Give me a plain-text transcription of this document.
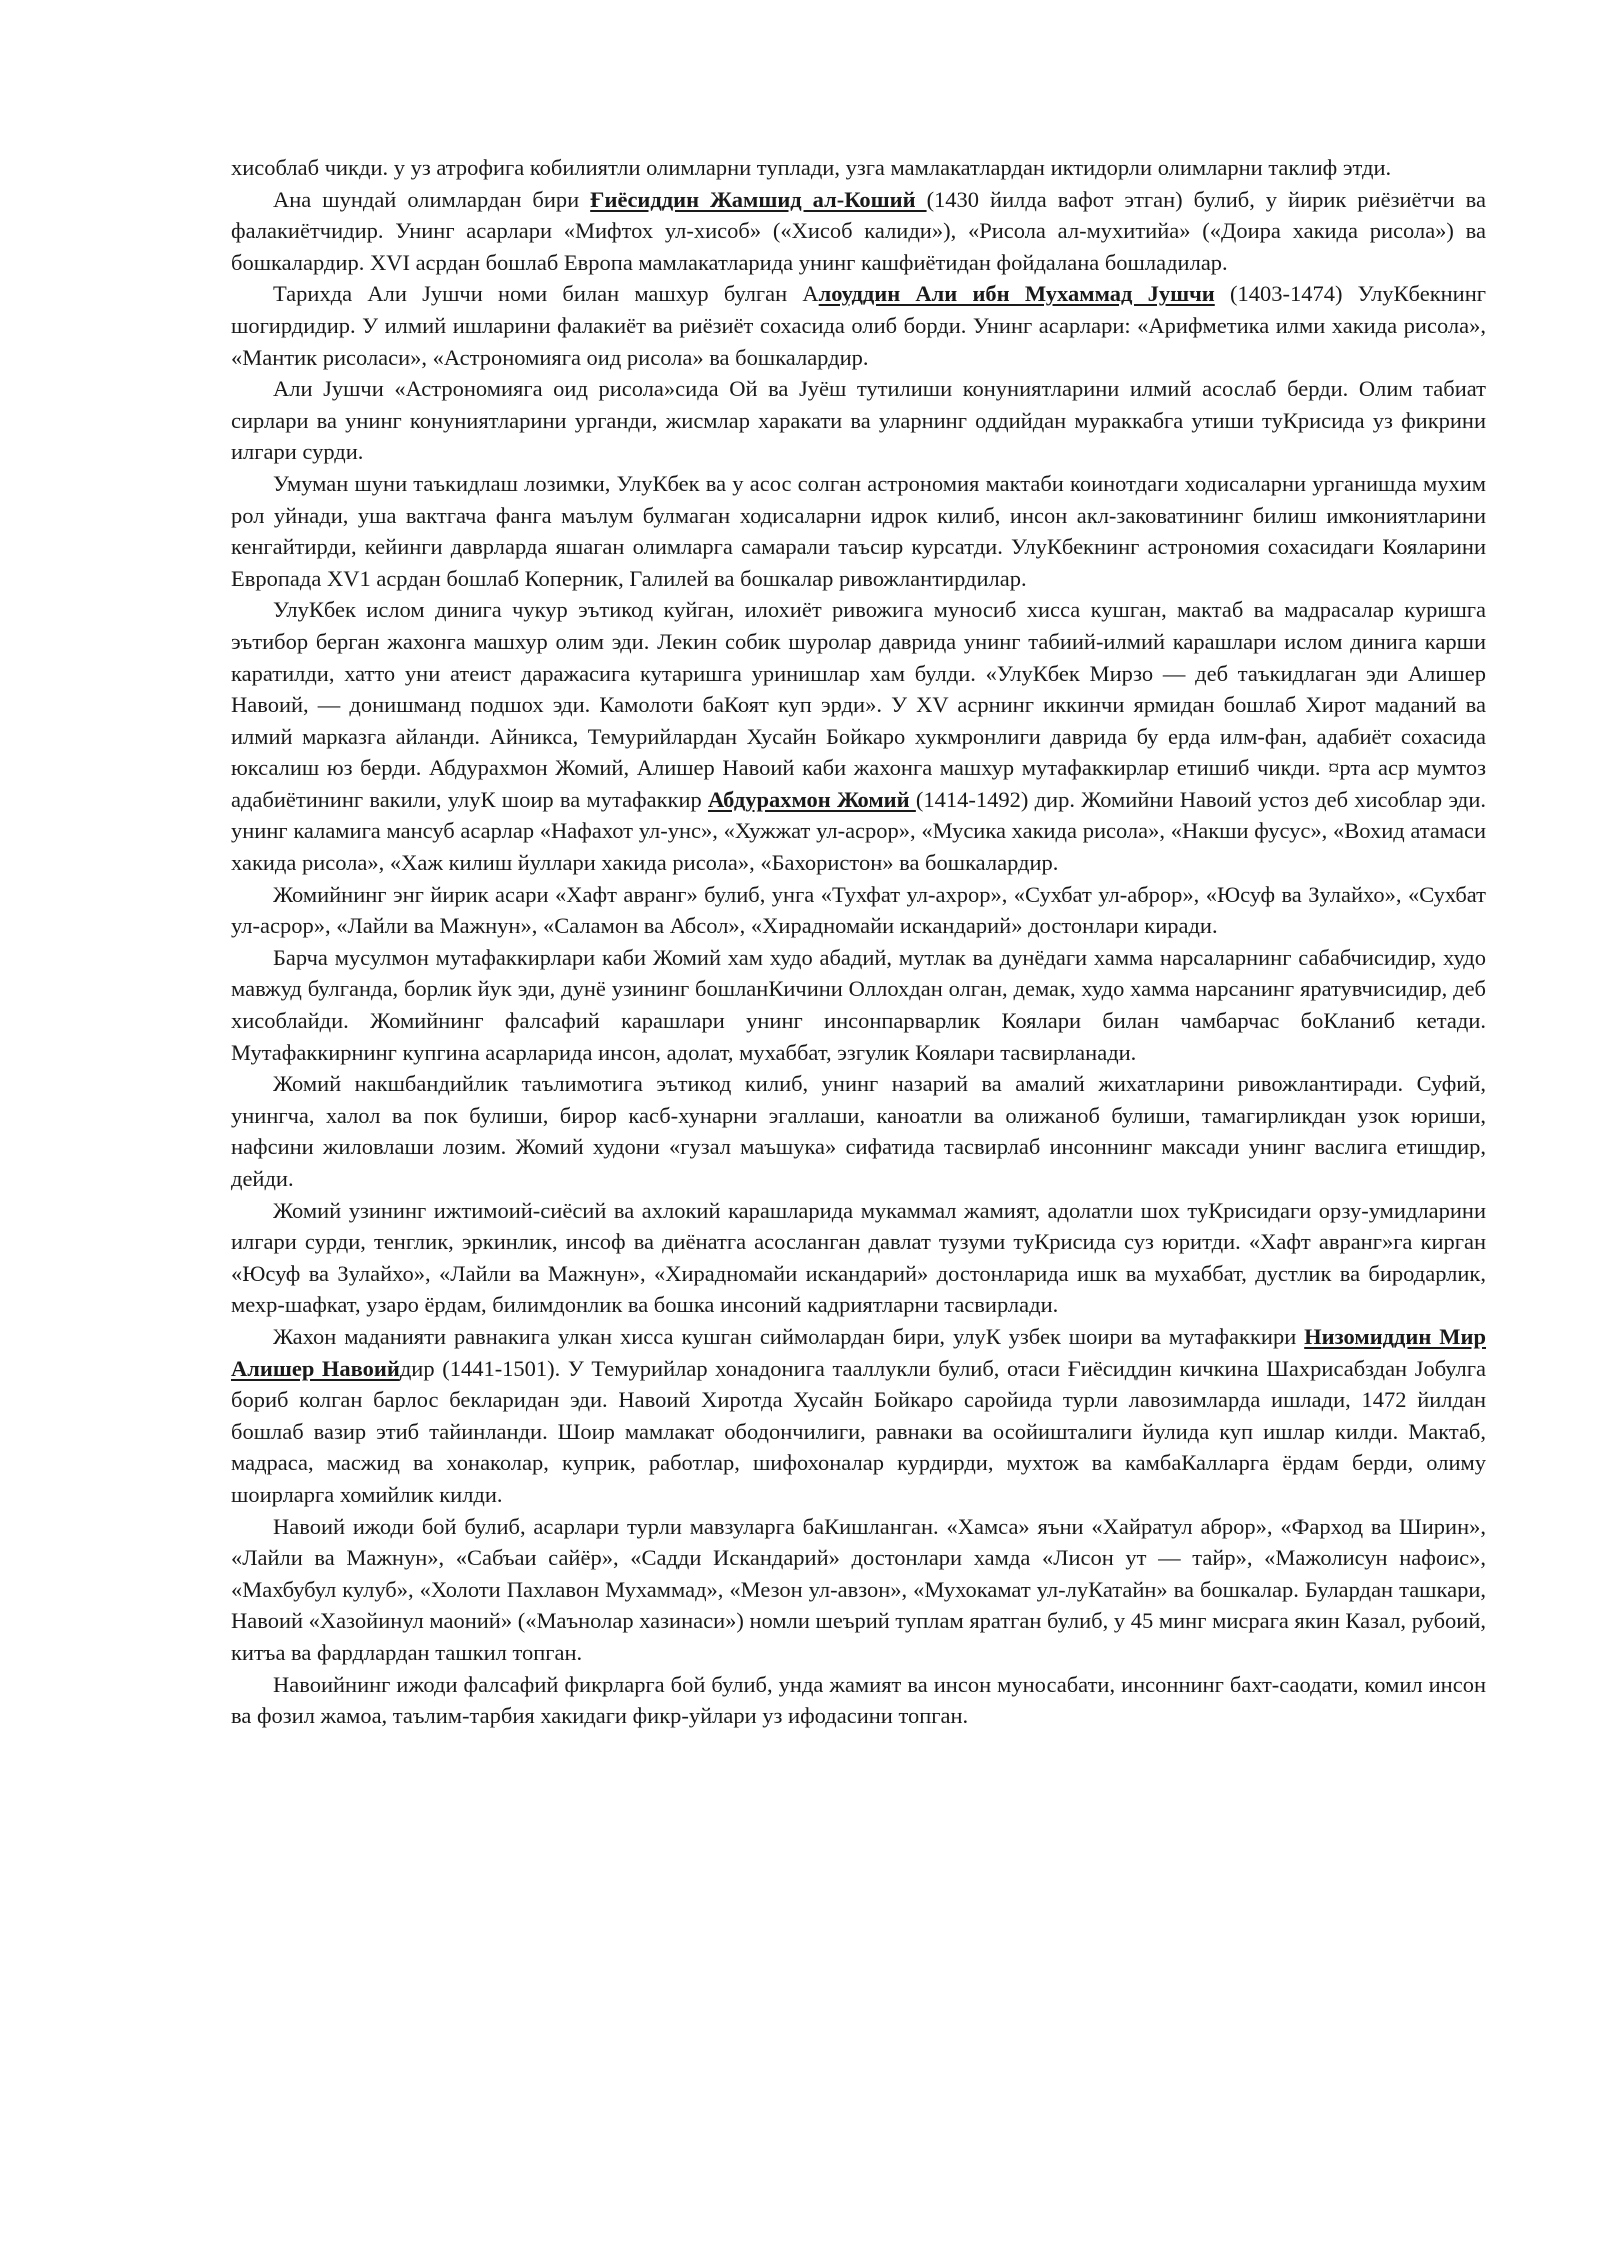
хисоблаб чикди. у уз атрофига кобилиятли олимларни туплади, узга мамлакатлардан иктидорли олимларни таклиф этди.

Ана шундай олимлардан бири Ғиёсиддин Жамшид ал-Коший (1430 йилда вафот этган) булиб, у йирик риёзиётчи ва фалакиётчидир. Унинг асарлари «Мифтох ул-хисоб» («Хисоб калиди»), «Рисола ал-мухитийа» («Доира хакида рисола») ва бошкалардир. XVI асрдан бошлаб Европа мамлакатларида унинг кашфиётидан фойдалана бошладилар.

Тарихда Али Јушчи номи билан машхур булган Алоуддин Али ибн Мухаммад Јушчи (1403-1474) УлуКбекнинг шогирдидир. У илмий ишларини фалакиёт ва риёзиёт сохасида олиб борди. Унинг асарлари: «Арифметика илми хакида рисола», «Мантик рисоласи», «Астрономияга оид рисола» ва бошкалардир.

Али Јушчи «Астрономияга оид рисола»сида Ой ва Јуёш тутилиши конуниятларини илмий асослаб берди. Олим табиат сирлари ва унинг конуниятларини урганди, жисмлар харакати ва уларнинг оддийдан мураккабга утиши туКрисида уз фикрини илгари сурди.

Умуман шуни таъкидлаш лозимки, УлуКбек ва у асос солган астрономия мактаби коинотдаги ходисаларни урганишда мухим рол уйнади, уша вактгача фанга маълум булмаган ходисаларни идрок килиб, инсон акл-заковатининг билиш имкониятларини кенгайтирди, кейинги даврларда яшаган олимларга самарали таъсир курсатди. УлуКбекнинг астрономия сохасидаги Кояларини Европада XV1 асрдан бошлаб Коперник, Галилей ва бошкалар ривожлантирдилар.

УлуКбек ислом динига чукур эътикод куйган, илохиёт ривожига муносиб хисса кушган, мактаб ва мадрасалар куришга эътибор берган жахонга машхур олим эди. Лекин собик шуролар даврида унинг табиий-илмий карашлари ислом динига карши каратилди, хатто уни атеист даражасига кутаришга уринишлар хам булди. «УлуКбек Мирзо — деб таъкидлаган эди Алишер Навоий, — донишманд подшох эди. Камолоти баКоят куп эрди». У XV асрнинг иккинчи ярмидан бошлаб Хирот маданий ва илмий марказга айланди. Айникса, Темурийлардан Хусайн Бойкаро хукмронлиги даврида бу ерда илм-фан, адабиёт сохасида юксалиш юз берди. Абдурахмон Жомий, Алишер Навоий каби жахонга машхур мутафаккирлар етишиб чикди. ¤рта аср мумтоз адабиётининг вакили, улуК шоир ва мутафаккир Абдурахмон Жомий (1414-1492) дир. Жомийни Навоий устоз деб хисоблар эди. унинг каламига мансуб асарлар «Нафахот ул-унс», «Хужжат ул-асрор», «Мусика хакида рисола», «Накши фусус», «Вохид атамаси хакида рисола», «Хаж килиш йуллари хакида рисола», «Бахористон» ва бошкалардир.

Жомийнинг энг йирик асари «Хафт авранг» булиб, унга «Тухфат ул-ахрор», «Сухбат ул-аброр», «Юсуф ва Зулайхо», «Сухбат ул-асрор», «Лайли ва Мажнун», «Саламон ва Абсол», «Хирадномайи искандарий» достонлари киради.

Барча мусулмон мутафаккирлари каби Жомий хам худо абадий, мутлак ва дунёдаги хамма нарсаларнинг сабабчисидир, худо мавжуд булганда, борлик йук эди, дунё узининг бошланКичини Оллохдан олган, демак, худо хамма нарсанинг яратувчисидир, деб хисоблайди. Жомийнинг фалсафий карашлари унинг инсонпарварлик Коялари билан чамбарчас боКланиб кетади. Мутафаккирнинг купгина асарларида инсон, адолат, мухаббат, эзгулик Коялари тасвирланади.

Жомий накшбандийлик таълимотига эътикод килиб, унинг назарий ва амалий жихатларини ривожлантиради. Суфий, унингча, халол ва пок булиши, бирор касб-хунарни эгаллаши, каноатли ва олижаноб булиши, тамагирликдан узок юриши, нафсини жиловлаши лозим. Жомий худони «гузал маъшука» сифатида тасвирлаб инсоннинг максади унинг васлига етишдир, дейди.

Жомий узининг ижтимоий-сиёсий ва ахлокий карашларида мукаммал жамият, адолатли шох туКрисидаги орзу-умидларини илгари сурди, тенглик, эркинлик, инсоф ва диёнатга асосланган давлат тузуми туКрисида суз юритди. «Хафт авранг»га кирган «Юсуф ва Зулайхо», «Лайли ва Мажнун», «Хирадномайи искандарий» достонларида ишк ва мухаббат, дустлик ва биродарлик, мехр-шафкат, узаро ёрдам, билимдонлик ва бошка инсоний кадриятларни тасвирлади.

Жахон маданияти равнакига улкан хисса кушган сиймолардан бири, улуК узбек шоири ва мутафаккири Низомиддин Мир Алишер Навоийдир (1441-1501). У Темурийлар хонадонига тааллукли булиб, отаси Ғиёсиддин кичкина Шахрисабздан Јобулга бориб колган барлос бекларидан эди. Навоий Хиротда Хусайн Бойкаро саройида турли лавозимларда ишлади, 1472 йилдан бошлаб вазир этиб тайинланди. Шоир мамлакат ободончилиги, равнаки ва осойишталиги йулида куп ишлар килди. Мактаб, мадраса, масжид ва хонаколар, куприк, работлар, шифохоналар курдирди, мухтож ва камбаКалларга ёрдам берди, олиму шоирларга хомийлик килди.

Навоий ижоди бой булиб, асарлари турли мавзуларга баКишланган. «Хамса» яъни «Хайратул аброр», «Фарход ва Ширин», «Лайли ва Мажнун», «Сабъаи сайёр», «Садди Искандарий» достонлари хамда «Лисон ут — тайр», «Мажолисун нафоис», «Махбубул кулуб», «Холоти Пахлавон Мухаммад», «Мезон ул-авзон», «Мухокамат ул-луКатайн» ва бошкалар. Булардан ташкари, Навоий «Хазойинул маоний» («Маънолар хазинаси») номли шеърий туплам яратган булиб, у 45 минг мисрага якин Казал, рубоий, китъа ва фардлардан ташкил топган.

Навоийнинг ижоди фалсафий фикрларга бой булиб, унда жамият ва инсон муносабати, инсоннинг бахт-саодати, комил инсон ва фозил жамоа, таълим-тарбия хакидаги фикр-уйлари уз ифодасини топган.
